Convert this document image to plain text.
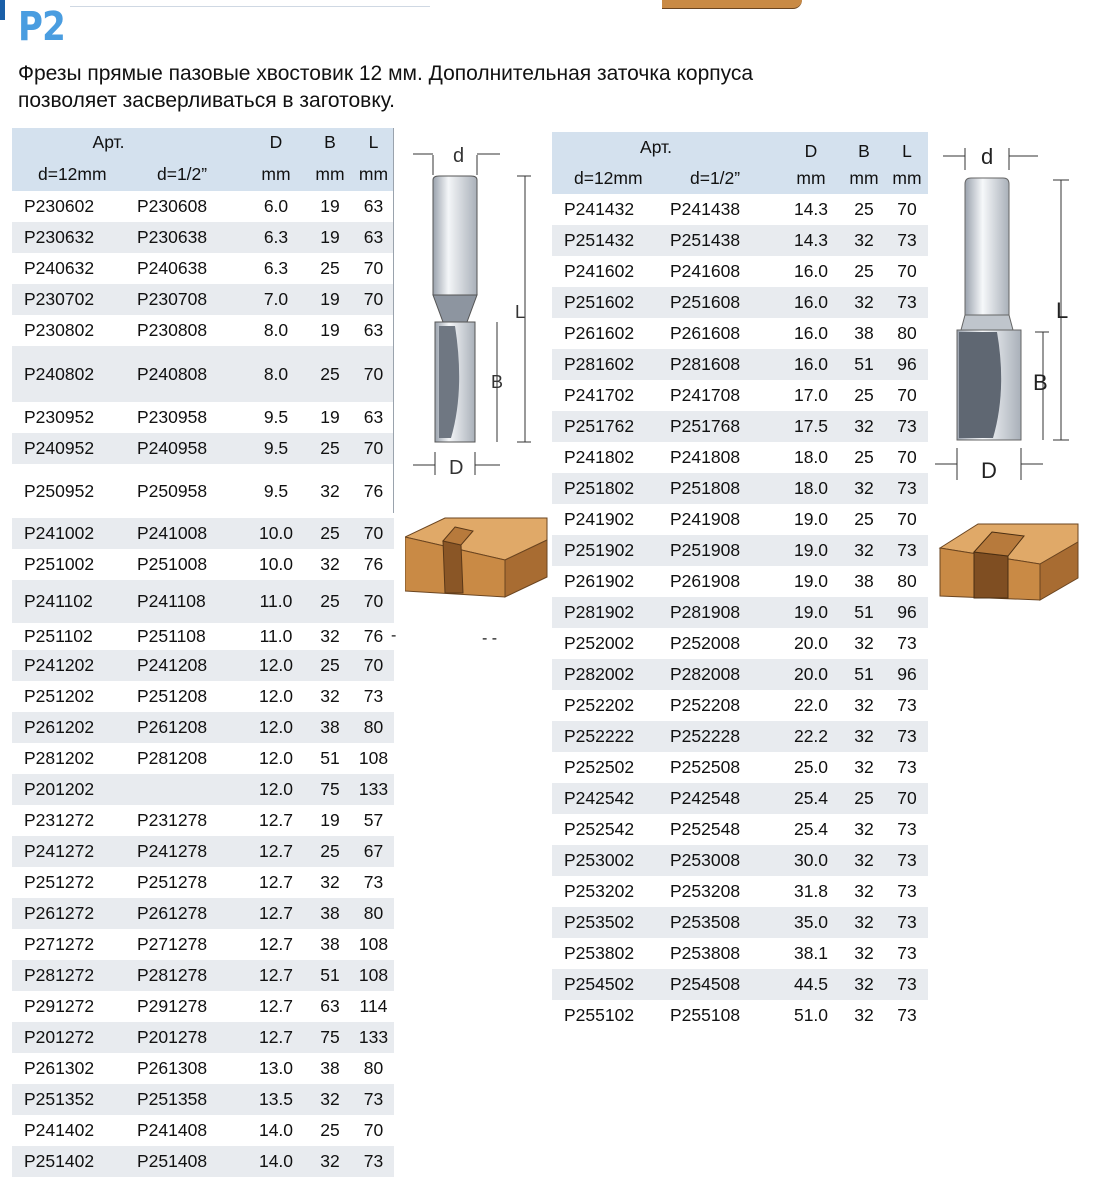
P2
Фрезы прямые пазовые хвостовик 12 мм. Дополнительная заточка корпуса
позволяет засверливаться в заготовку.
Арт.		D	B	L
d=12mm	d=1/2”	mm	mm	mm
P230602	P230608	6.0	19	63
P230632	P230638	6.3	19	63
P240632	P240638	6.3	25	70
P230702	P230708	7.0	19	70
P230802	P230808	8.0	19	63
P240802	P240808	8.0	25	70
P230952	P230958	9.5	19	63
P240952	P240958	9.5	25	70
P250952	P250958	9.5	32	76
P241002	P241008	10.0	25	70
P251002	P251008	10.0	32	76
P241102	P241108	11.0	25	70
P251102	P251108	11.0	32	76
P241202	P241208	12.0	25	70
P251202	P251208	12.0	32	73
P261202	P261208	12.0	38	80
P281202	P281208	12.0	51	108
P201202		12.0	75	133
P231272	P231278	12.7	19	57
P241272	P241278	12.7	25	67
P251272	P251278	12.7	32	73
P261272	P261278	12.7	38	80
P271272	P271278	12.7	38	108
P281272	P281278	12.7	51	108
P291272	P291278	12.7	63	114
P201272	P201278	12.7	75	133
P261302	P261308	13.0	38	80
P251352	P251358	13.5	32	73
P241402	P241408	14.0	25	70
P251402	P251408	14.0	32	73
Арт.		D	B	L
d=12mm	d=1/2”	mm	mm	mm
P241432	P241438	14.3	25	70
P251432	P251438	14.3	32	73
P241602	P241608	16.0	25	70
P251602	P251608	16.0	32	73
P261602	P261608	16.0	38	80
P281602	P281608	16.0	51	96
P241702	P241708	17.0	25	70
P251762	P251768	17.5	32	73
P241802	P241808	18.0	25	70
P251802	P251808	18.0	32	73
P241902	P241908	19.0	25	70
P251902	P251908	19.0	32	73
P261902	P261908	19.0	38	80
P281902	P281908	19.0	51	96
P252002	P252008	20.0	32	73
P282002	P282008	20.0	51	96
P252202	P252208	22.0	32	73
P252222	P252228	22.2	32	73
P252502	P252508	25.0	32	73
P242542	P242548	25.4	25	70
P252542	P252548	25.4	32	73
P253002	P253008	30.0	32	73
P253202	P253208	31.8	32	73
P253502	P253508	35.0	32	73
P253802	P253808	38.1	32	73
P254502	P254508	44.5	32	73
P255102	P255108	51.0	32	73
d
L
B
D
-	- -
d
L
B
D
